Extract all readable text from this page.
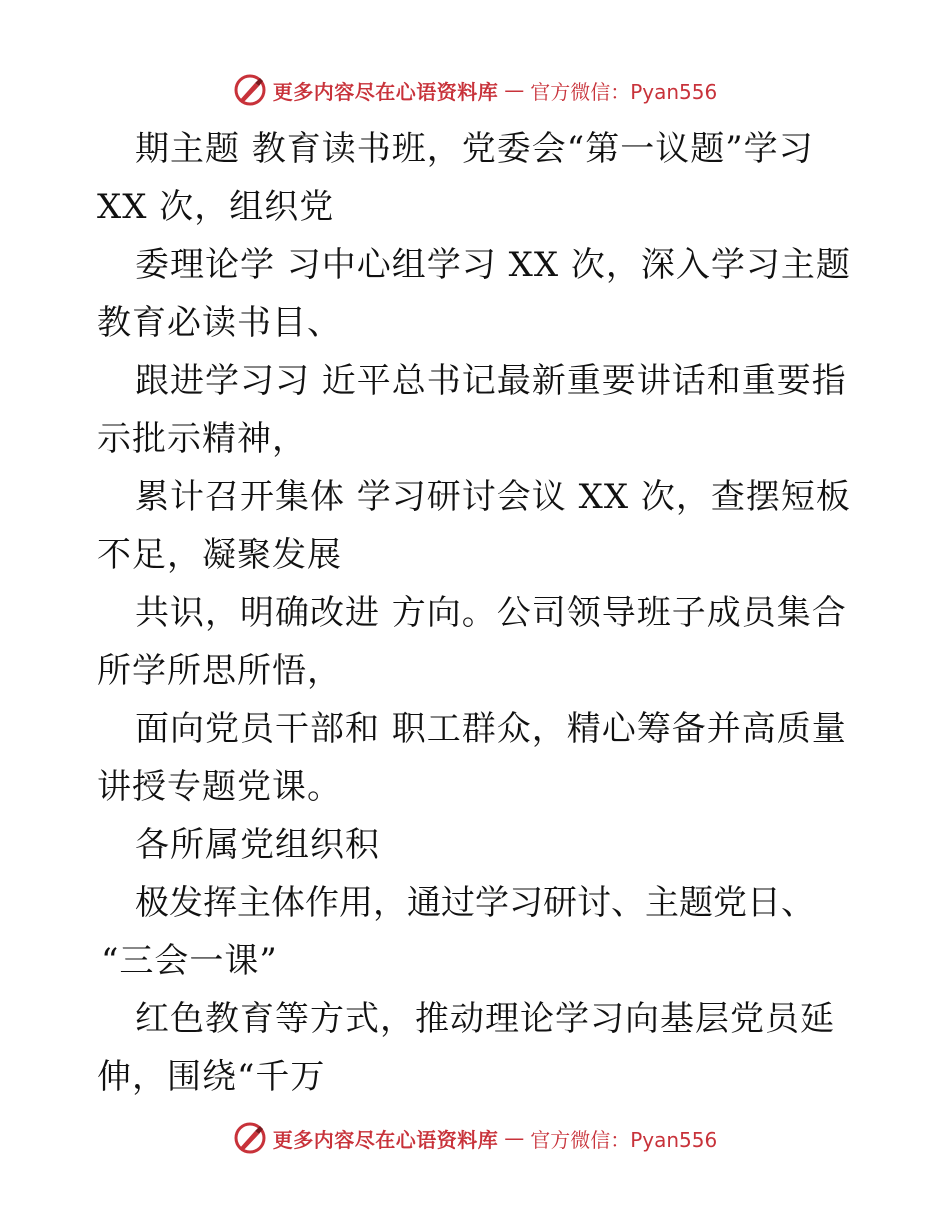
更多内容尽在心语资料库 — 官方微信：Pyan556
期主题 教育读书班，党委会“第一议题”学习
XX 次，组织党
委理论学 习中心组学习 XX 次，深入学习主题
教育必读书目、
跟进学习习 近平总书记最新重要讲话和重要指
示批示精神，
累计召开集体 学习研讨会议 XX 次，查摆短板
不足，凝聚发展
共识，明确改进 方向。公司领导班子成员集合
所学所思所悟，
面向党员干部和 职工群众，精心筹备并高质量
讲授专题党课。
各所属党组织积
极发挥主体作用，通过学习研讨、主题党日、
“三会一课”
红色教育等方式，推动理论学习向基层党员延
伸，围绕“千万
更多内容尽在心语资料库 — 官方微信：Pyan556
